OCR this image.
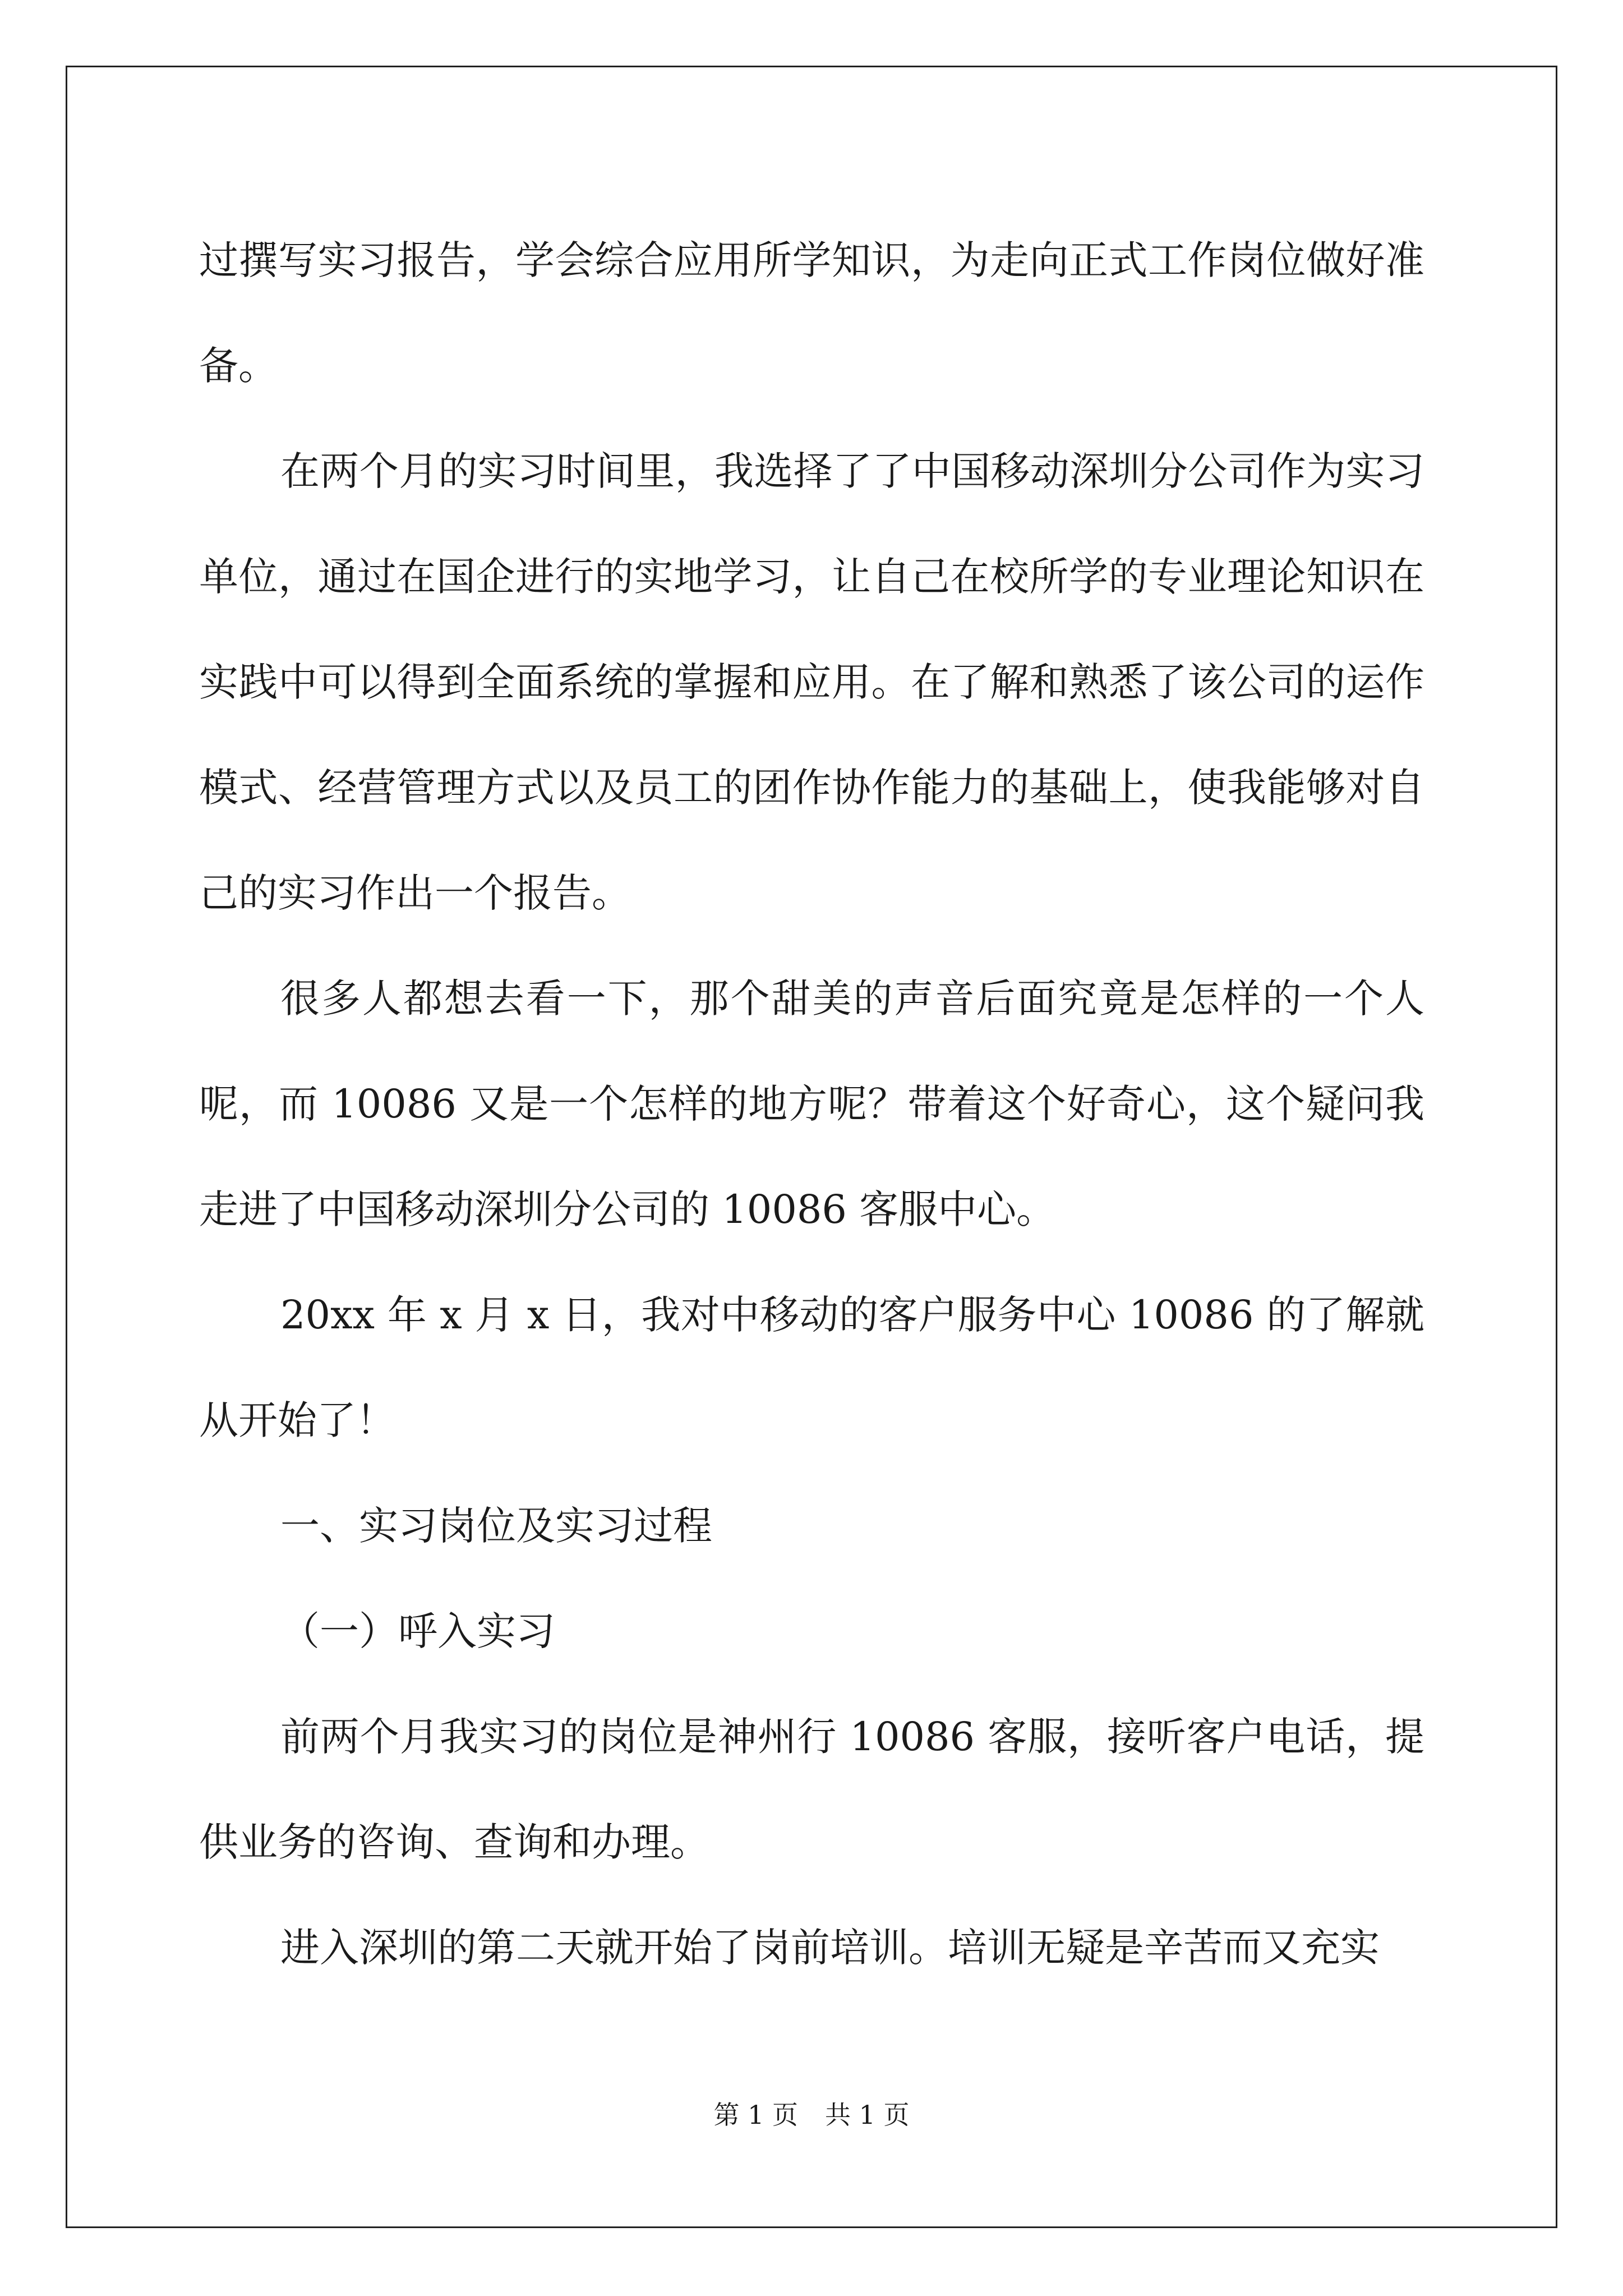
过撰写实习报告，学会综合应用所学知识，为走向正式工作岗位做好准备。

在两个月的实习时间里，我选择了了中国移动深圳分公司作为实习单位，通过在国企进行的实地学习，让自己在校所学的专业理论知识在实践中可以得到全面系统的掌握和应用。在了解和熟悉了该公司的运作模式、经营管理方式以及员工的团作协作能力的基础上，使我能够对自己的实习作出一个报告。

很多人都想去看一下，那个甜美的声音后面究竟是怎样的一个人呢，而 10086 又是一个怎样的地方呢？带着这个好奇心，这个疑问我走进了中国移动深圳分公司的 10086 客服中心。

20xx 年 x 月 x 日，我对中移动的客户服务中心 10086 的了解就从开始了！

一、实习岗位及实习过程

（一）呼入实习

前两个月我实习的岗位是神州行 10086 客服，接听客户电话，提供业务的咨询、查询和办理。

进入深圳的第二天就开始了岗前培训。培训无疑是辛苦而又充实

第 1 页 共 1 页
